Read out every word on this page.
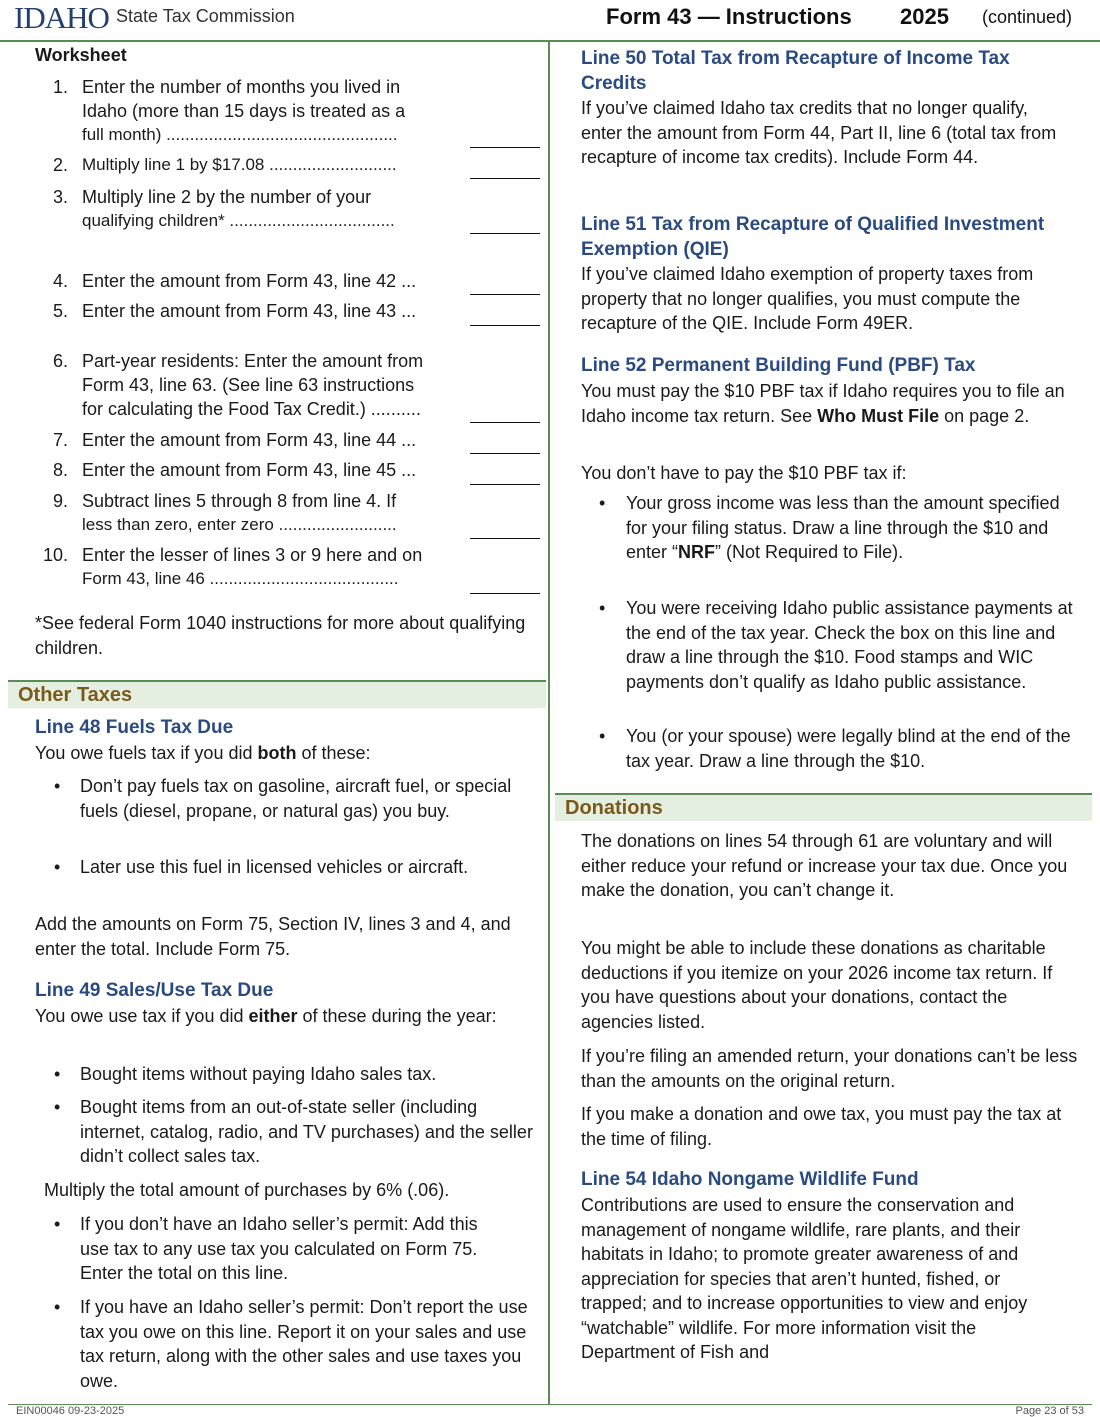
IDAHO State Tax Commission	Form 43 — Instructions 2025 (continued)
Worksheet
1. Enter the number of months you lived in
Idaho (more than 15 days is treated as a
full month) .................................................
2. Multiply line 1 by $17.08 ...........................
3. Multiply line 2 by the number of your
qualifying children* ...................................
4. Enter the amount from Form 43, line 42 ...
5. Enter the amount from Form 43, line 43 ...
6. Part-year residents: Enter the amount from
Form 43, line 63. (See line 63 instructions
for calculating the Food Tax Credit.) ..........
7. Enter the amount from Form 43, line 44 ...
8. Enter the amount from Form 43, line 45 ...
9. Subtract lines 5 through 8 from line 4. If
less than zero, enter zero .........................
10. Enter the lesser of lines 3 or 9 here and on
Form 43, line 46 ........................................
*See federal Form 1040 instructions for more about qualifying children.
Other Taxes
Line 48 Fuels Tax Due
You owe fuels tax if you did both of these:
• Don’t pay fuels tax on gasoline, aircraft fuel, or special fuels (diesel, propane, or natural gas) you buy.
• Later use this fuel in licensed vehicles or aircraft.
Add the amounts on Form 75, Section IV, lines 3 and 4, and enter the total. Include Form 75.
Line 49 Sales/Use Tax Due
You owe use tax if you did either of these during the year:
• Bought items without paying Idaho sales tax.
• Bought items from an out-of-state seller (including internet, catalog, radio, and TV purchases) and the seller didn’t collect sales tax.
Multiply the total amount of purchases by 6% (.06).
• If you don’t have an Idaho seller’s permit: Add this use tax to any use tax you calculated on Form 75. Enter the total on this line.
• If you have an Idaho seller’s permit: Don’t report the use tax you owe on this line. Report it on your sales and use tax return, along with the other sales and use taxes you owe.
Line 50 Total Tax from Recapture of Income Tax Credits
If you’ve claimed Idaho tax credits that no longer qualify, enter the amount from Form 44, Part II, line 6 (total tax from recapture of income tax credits). Include Form 44.
Line 51 Tax from Recapture of Qualified Investment Exemption (QIE)
If you’ve claimed Idaho exemption of property taxes from property that no longer qualifies, you must compute the recapture of the QIE. Include Form 49ER.
Line 52 Permanent Building Fund (PBF) Tax
You must pay the $10 PBF tax if Idaho requires you to file an Idaho income tax return. See Who Must File on page 2.
You don’t have to pay the $10 PBF tax if:
• Your gross income was less than the amount specified for your filing status. Draw a line through the $10 and enter “NRF” (Not Required to File).
• You were receiving Idaho public assistance payments at the end of the tax year. Check the box on this line and draw a line through the $10. Food stamps and WIC payments don’t qualify as Idaho public assistance.
• You (or your spouse) were legally blind at the end of the tax year. Draw a line through the $10.
Donations
The donations on lines 54 through 61 are voluntary and will either reduce your refund or increase your tax due. Once you make the donation, you can’t change it.
You might be able to include these donations as charitable deductions if you itemize on your 2026 income tax return. If you have questions about your donations, contact the agencies listed.
If you’re filing an amended return, your donations can’t be less than the amounts on the original return.
If you make a donation and owe tax, you must pay the tax at the time of filing.
Line 54 Idaho Nongame Wildlife Fund
Contributions are used to ensure the conservation and management of nongame wildlife, rare plants, and their habitats in Idaho; to promote greater awareness of and appreciation for species that aren’t hunted, fished, or trapped; and to increase opportunities to view and enjoy “watchable” wildlife. For more information visit the Department of Fish and
EIN00046 09-23-2025	Page 23 of 53
